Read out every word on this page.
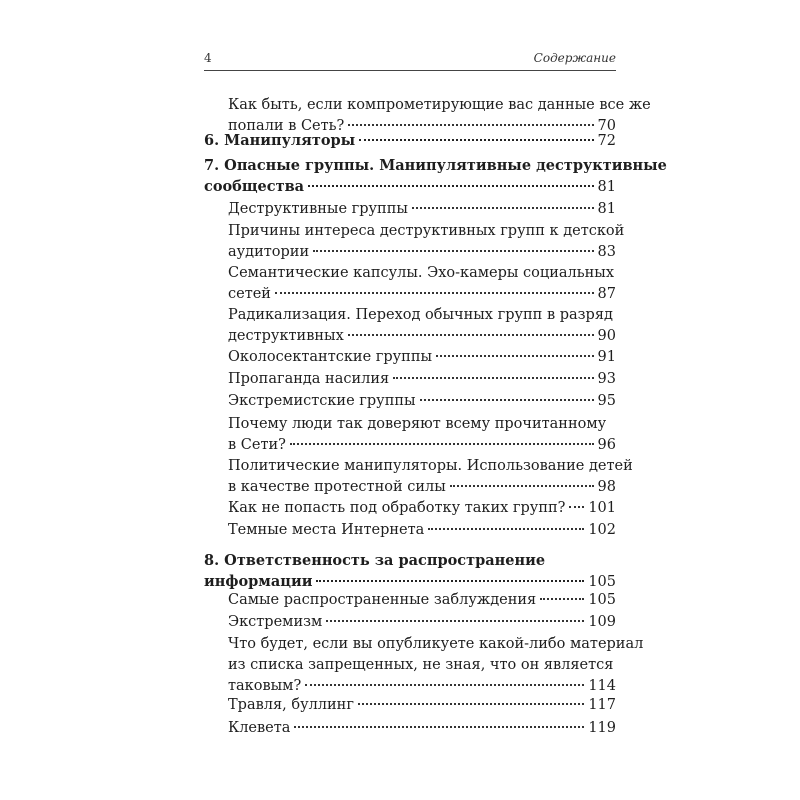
4	Содержание
Как быть, если компрометирующие вас данные все же
попали в Сеть?	70
6. Манипуляторы	72
7. Опасные группы. Манипулятивные деструктивные
сообщества	81
Деструктивные группы	81
Причины интереса деструктивных групп к детской
аудитории	83
Семантические капсулы. Эхо-камеры социальных
сетей	87
Радикализация. Переход обычных групп в разряд
деструктивных	90
Околосектантские группы	91
Пропаганда насилия	93
Экстремистские группы	95
Почему люди так доверяют всему прочитанному
в Сети?	96
Политические манипуляторы. Использование детей
в качестве протестной силы	98
Как не попасть под обработку таких групп? 101
Темные места Интернета	102
8. Ответственность за распространение
информации	105
Самые распространенные заблуждения	105
Экстремизм	109
Что будет, если вы опубликуете какой-либо материал
из списка запрещенных, не зная, что он является
таковым?	114
Травля, буллинг	117
Клевета	119
